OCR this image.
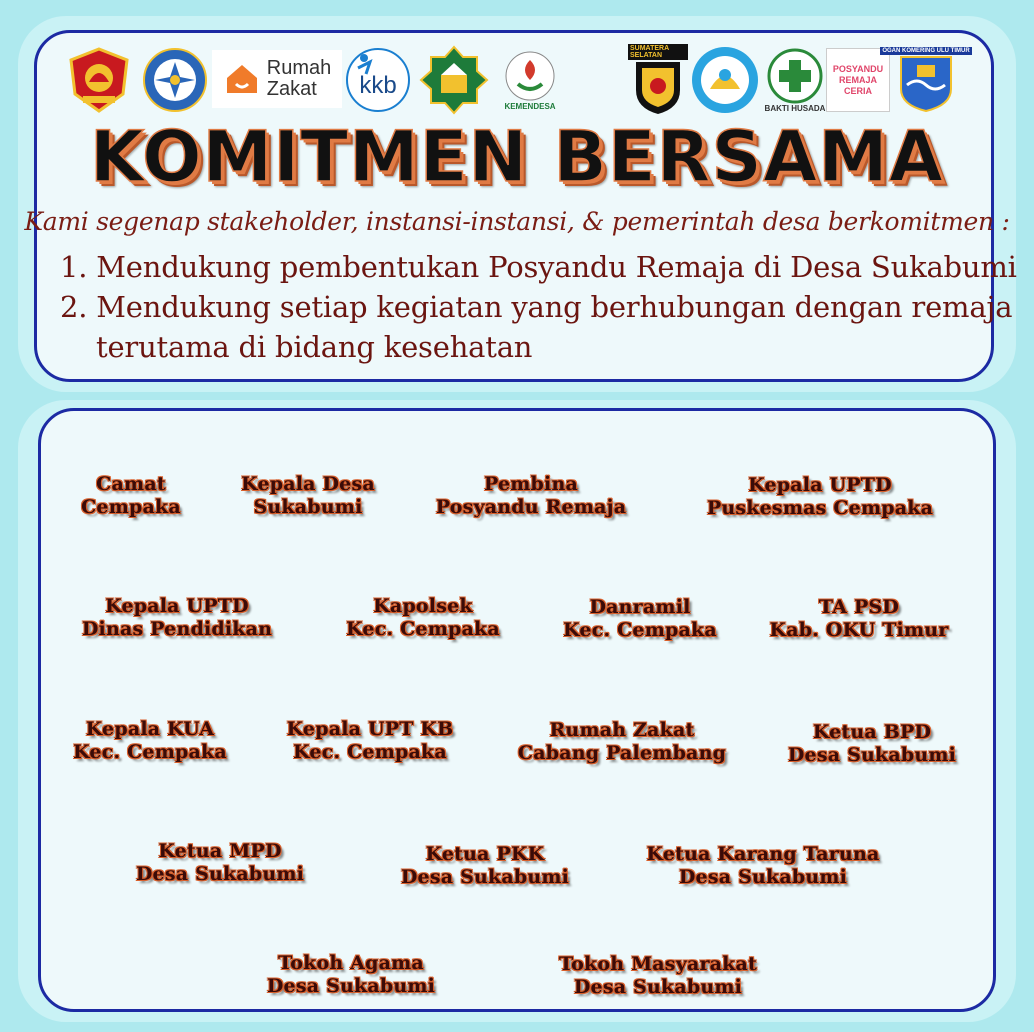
Rumah
Zakat	kkb
KEMENDESA
SUMATERA SELATAN
BAKTI HUSADA
POSYANDU REMAJA CERIA
OGAN KOMERING ULU TIMUR
KOMITMEN BERSAMA
Kami segenap stakeholder, instansi-instansi, & pemerintah desa berkomitmen :
1. Mendukung pembentukan Posyandu Remaja di Desa Sukabumi
2. Mendukung setiap kegiatan yang berhubungan dengan remaja
terutama di bidang kesehatan
Camat
Cempaka
Kepala Desa
Sukabumi
Pembina
Posyandu Remaja
Kepala UPTD
Puskesmas Cempaka
Kepala UPTD
Dinas Pendidikan
Kapolsek
Kec. Cempaka
Danramil
Kec. Cempaka
TA PSD
Kab. OKU Timur
Kepala KUA
Kec. Cempaka
Kepala UPT KB
Kec. Cempaka
Rumah Zakat
Cabang Palembang
Ketua BPD
Desa Sukabumi
Ketua MPD
Desa Sukabumi
Ketua PKK
Desa Sukabumi
Ketua Karang Taruna
Desa Sukabumi
Tokoh Agama
Desa Sukabumi
Tokoh Masyarakat
Desa Sukabumi
